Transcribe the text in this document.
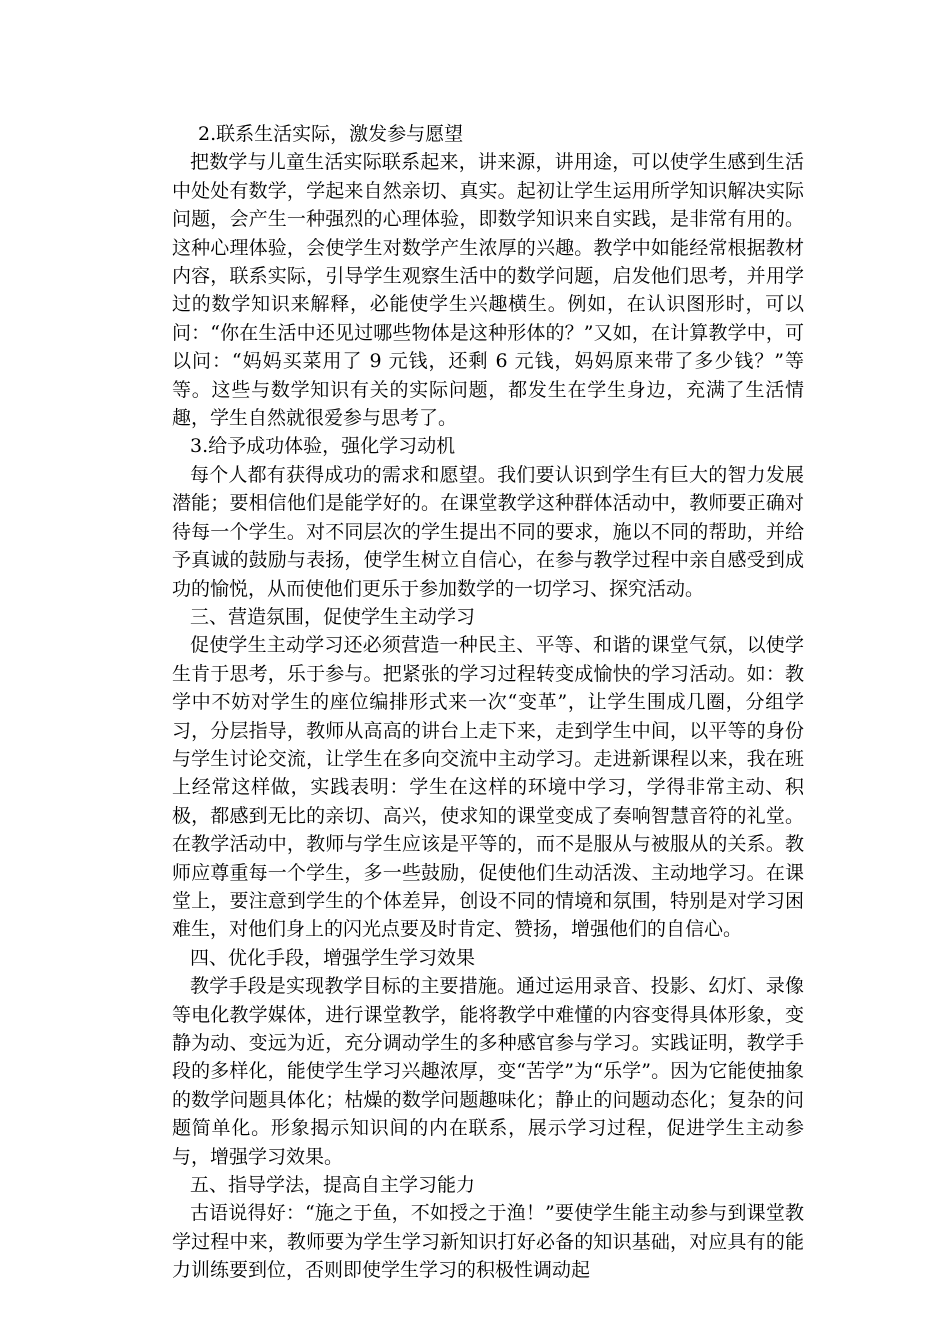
2.联系生活实际，激发参与愿望

把数学与儿童生活实际联系起来，讲来源，讲用途，可以使学生感到生活中处处有数学，学起来自然亲切、真实。起初让学生运用所学知识解决实际问题，会产生一种强烈的心理体验，即数学知识来自实践，是非常有用的。这种心理体验，会使学生对数学产生浓厚的兴趣。教学中如能经常根据教材内容，联系实际，引导学生观察生活中的数学问题，启发他们思考，并用学过的数学知识来解释，必能使学生兴趣横生。例如，在认识图形时，可以问：“你在生活中还见过哪些物体是这种形体的？”又如，在计算教学中，可以问：“妈妈买菜用了 9 元钱，还剩 6 元钱，妈妈原来带了多少钱？”等等。这些与数学知识有关的实际问题，都发生在学生身边，充满了生活情趣，学生自然就很爱参与思考了。

3.给予成功体验，强化学习动机

每个人都有获得成功的需求和愿望。我们要认识到学生有巨大的智力发展潜能；要相信他们是能学好的。在课堂教学这种群体活动中，教师要正确对待每一个学生。对不同层次的学生提出不同的要求，施以不同的帮助，并给予真诚的鼓励与表扬，使学生树立自信心，在参与教学过程中亲自感受到成功的愉悦，从而使他们更乐于参加数学的一切学习、探究活动。

三、营造氛围，促使学生主动学习

促使学生主动学习还必须营造一种民主、平等、和谐的课堂气氛，以使学生肯于思考，乐于参与。把紧张的学习过程转变成愉快的学习活动。如：教学中不妨对学生的座位编排形式来一次“变革”，让学生围成几圈，分组学习，分层指导，教师从高高的讲台上走下来，走到学生中间，以平等的身份与学生讨论交流，让学生在多向交流中主动学习。走进新课程以来，我在班上经常这样做，实践表明：学生在这样的环境中学习，学得非常主动、积极，都感到无比的亲切、高兴，使求知的课堂变成了奏响智慧音符的礼堂。在教学活动中，教师与学生应该是平等的，而不是服从与被服从的关系。教师应尊重每一个学生，多一些鼓励，促使他们生动活泼、主动地学习。在课堂上，要注意到学生的个体差异，创设不同的情境和氛围，特别是对学习困难生，对他们身上的闪光点要及时肯定、赞扬，增强他们的自信心。

四、优化手段，增强学生学习效果

教学手段是实现教学目标的主要措施。通过运用录音、投影、幻灯、录像等电化教学媒体，进行课堂教学，能将教学中难懂的内容变得具体形象，变静为动、变远为近，充分调动学生的多种感官参与学习。实践证明，教学手段的多样化，能使学生学习兴趣浓厚，变“苦学”为“乐学”。因为它能使抽象的数学问题具体化；枯燥的数学问题趣味化；静止的问题动态化；复杂的问题简单化。形象揭示知识间的内在联系，展示学习过程，促进学生主动参与，增强学习效果。

五、指导学法，提高自主学习能力

古语说得好：“施之于鱼，不如授之于渔！”要使学生能主动参与到课堂教学过程中来，教师要为学生学习新知识打好必备的知识基础，对应具有的能力训练要到位，否则即使学生学习的积极性调动起
